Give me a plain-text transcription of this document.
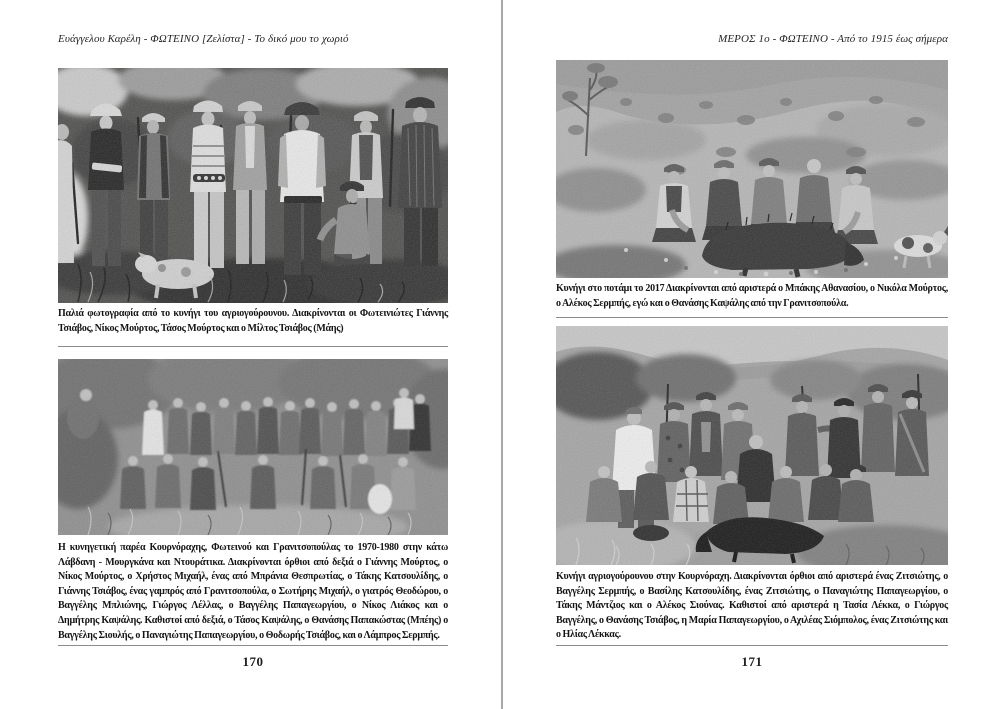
Ευάγγελου Καρέλη - ΦΩΤΕΙΝΟ [Ζελίστα] - Το δικό μου το χωριό	ΜΕΡΟΣ 1ο - ΦΩΤΕΙΝΟ - Από το 1915 έως σήμερα
Παλιά φωτογραφία από το κυνήγι του αγριογούρουνου. Διακρίνονται οι Φωτεινιώτες Γιάννης Τσιάβος, Νίκος Μούρτος, Τάσος Μούρτος και ο Μίλτος Τσιάβος (Μάης)
Η κυνηγετική παρέα Κουρνόραχης, Φωτεινού και Γρανιτσοπούλας το 1970-1980 στην κάτω Λάβδανη - Μουργκάνα και Ντουράτικα. Διακρίνονται όρθιοι από δεξιά ο Γιάννης Μούρτος, ο Νίκος Μούρτος, ο Χρήστος Μιχαήλ, ένας από Μπράνια Θεσπρωτίας, ο Τάκης Κατσουλίδης, ο Γιάννης Τσιάβος, ένας γαμπρός από Γρανιτσοπούλα, ο Σωτήρης Μιχαήλ, ο γιατρός Θεοδώρου, ο Βαγγέλης Μπλιώνης, Γιώργος Λέλλας, ο Βαγγέλης Παπαγεωργίου, ο Νίκος Λιάκος και ο Δημήτρης Καψάλης. Καθιστοί από δεξιά, ο Τάσος Καψάλης, ο Θανάσης Παπακώστας (Μπέης) ο Βαγγέλης Σιουλής, ο Παναγιώτης Παπαγεωργίου, ο Θοδωρής Τσιάβος, και ο Λάμπρος Σερμπής.
170
Κυνήγι στο ποτάμι το 2017 Διακρίνονται από αριστερά ο Μπάκης Αθανασίου, ο Νικόλα Μούρτος, ο Αλέκος Σερμπής, εγώ και ο Θανάσης Καψάλης από την Γρανιτσοπούλα.
Κυνήγι αγριογούρουνου στην Κουρνόραχη. Διακρίνονται όρθιοι από αριστερά ένας Ζιτσιώτης, ο Βαγγέλης Σερμπής, ο Βασίλης Κατσουλίδης, ένας Ζιτσιώτης, ο Παναγιώτης Παπαγεωργίου, ο Τάκης Μάντζιος και ο Αλέκος Σιούνας. Καθιστοί από αριστερά η Τασία Λέκκα, ο Γιώργος Βαγγέλης, ο Θανάσης Τσιάβος, η Μαρία Παπαγεωργίου, ο Αχιλέας Σιόμπολος, ένας Ζιτσιώτης και ο Ηλίας Λέκκας.
171
